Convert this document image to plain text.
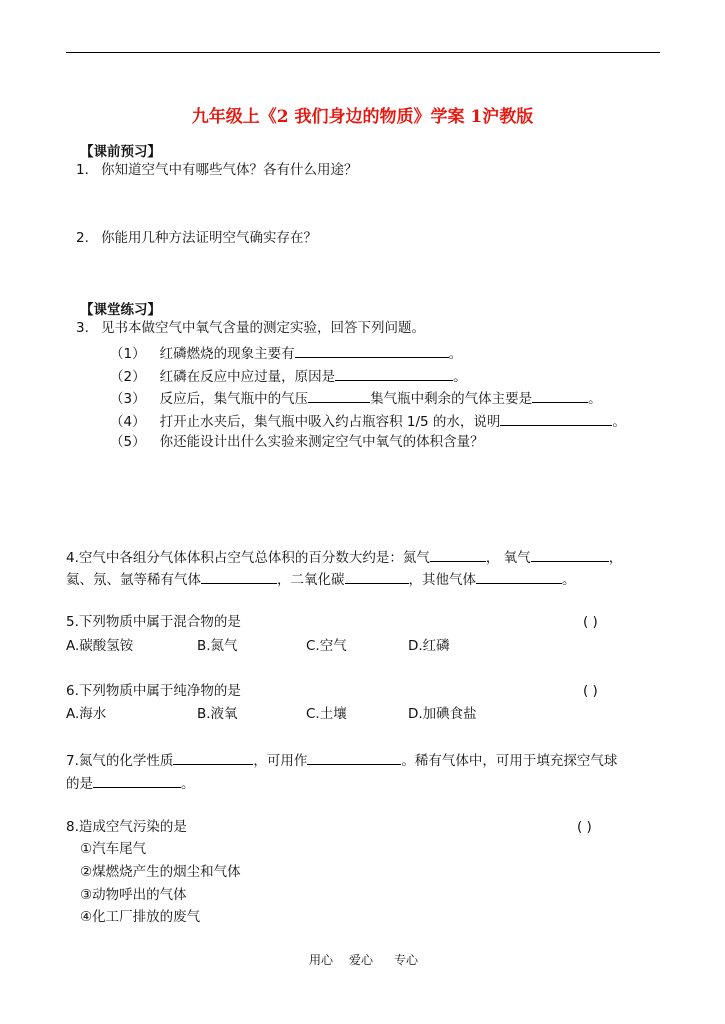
九年级上《2 我们身边的物质》学案 1沪教版
【课前预习】
1. 你知道空气中有哪些气体？各有什么用途？
2. 你能用几种方法证明空气确实存在？
【课堂练习】
3. 见书本做空气中氧气含量的测定实验，回答下列问题。
（1） 红磷燃烧的现象主要有	。
（2） 红磷在反应中应过量，原因是	。
（3） 反应后，集气瓶中的气压	集气瓶中剩余的气体主要是	。
（4） 打开止水夹后，集气瓶中吸入约占瓶容积 1/5 的水，说明	。
（5） 你还能设计出什么实验来测定空气中氧气的体积含量？
4.空气中各组分气体体积占空气总体积的百分数大约是：氮气	， 氧气	，
氦、氖、氩等稀有气体	，二氧化碳	，其他气体	。
5.下列物质中属于混合物的是	( )
A.碳酸氢铵	B.氮气	C.空气	D.红磷
6.下列物质中属于纯净物的是	( )
A.海水	B.液氧	C.土壤	D.加碘食盐
7.氮气的化学性质	，可用作	。稀有气体中，可用于填充探空气球
的是	。
8.造成空气污染的是	( )
①汽车尾气
②煤燃烧产生的烟尘和气体
③动物呼出的气体
④化工厂排放的废气
用心 爱心 专心
